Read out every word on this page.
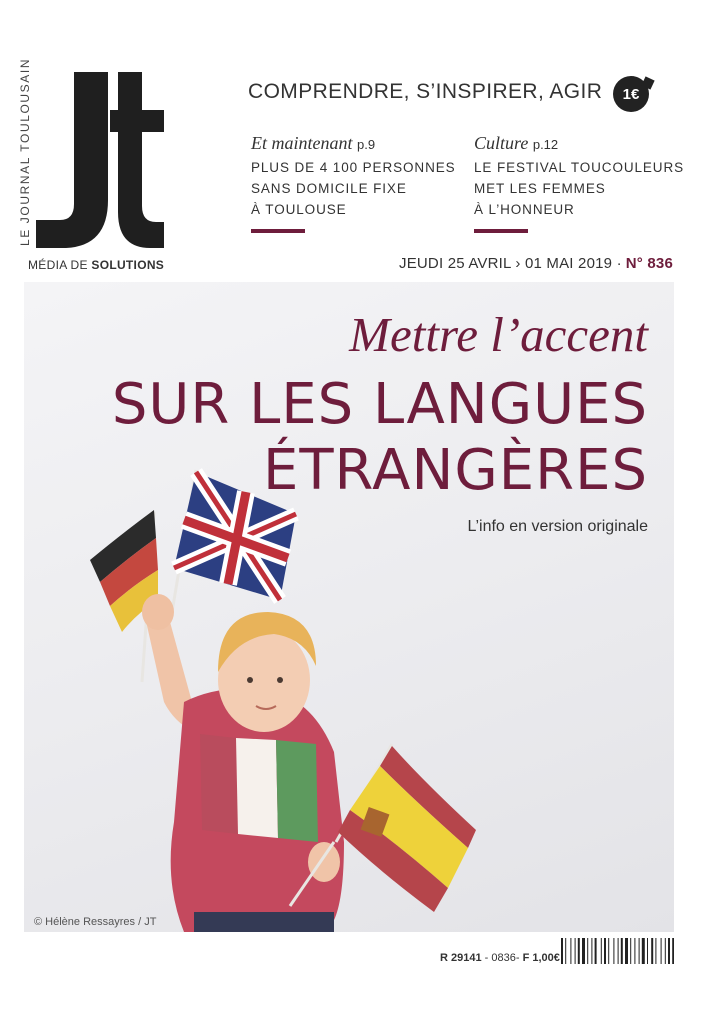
LE JOURNAL TOULOUSAIN
MÉDIA DE SOLUTIONS
COMPRENDRE, S’INSPIRER, AGIR	1€
Et maintenant p.9
PLUS DE 4 100 PERSONNES
SANS DOMICILE FIXE
À TOULOUSE
Culture p.12
LE FESTIVAL TOUCOULEURS
MET LES FEMMES
À L’HONNEUR
JEUDI 25 AVRIL › 01 MAI 2019 · N° 836
Mettre l’accent
SUR LES LANGUES
ÉTRANGÈRES
L’info en version originale
© Hélène Ressayres / JT
R 29141 - 0836- F 1,00€
